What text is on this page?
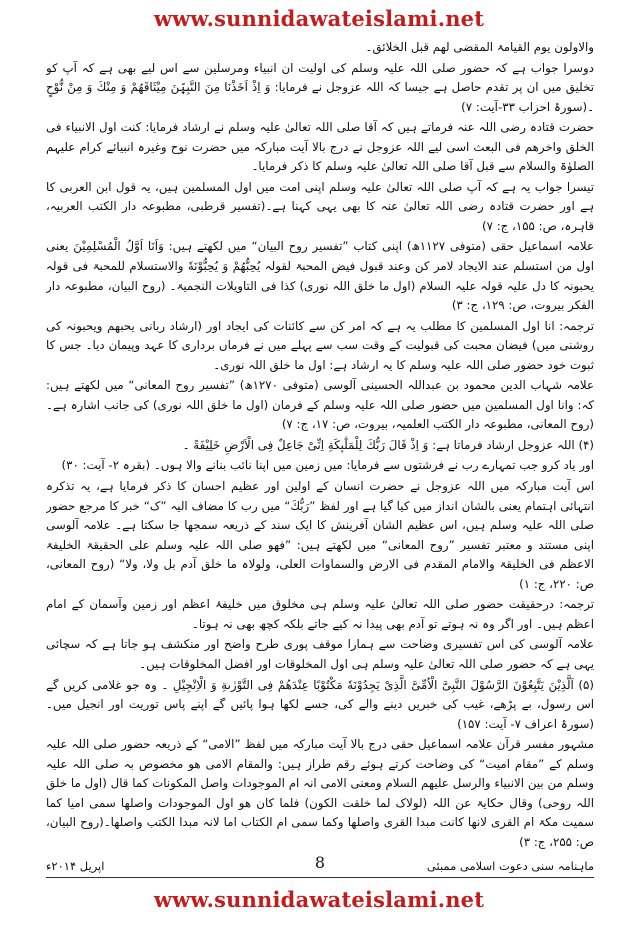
www.sunnidawateislami.net

والاولون یوم القیامۃ المقضی لھم قبل الخلائق۔

دوسرا جواب ہے کہ حضور صلی اللہ علیہ وسلم کی اولیت ان انبیاء ومرسلین سے اس لیے بھی ہے کہ آپ کو تخلیق میں ان پر تقدم حاصل ہے جیسا کہ اللہ عزوجل نے فرمایا: وَ اِذْ اَخَذْنَا مِنَ النَّبِیّٖنَ مِیْثَاقَهُمْ وَ مِنْكَ وَ مِنْ نُّوْحٍ ۔(سورۂ احزاب ۳۳-آیت: ۷)

حضرت قتادہ رضی اللہ عنہ فرماتے ہیں کہ آقا صلی اللہ تعالیٰ علیہ وسلم نے ارشاد فرمایا: کنت اول الانبیاء فی الخلق واخرھم فی البعث اسی لیے اللہ عزوجل نے درج بالا آیت مبارکہ میں حضرت نوح وغیرہ انبیائے کرام علیہم الصلوٰۃ والسلام سے قبل آقا صلی اللہ تعالیٰ علیہ وسلم کا ذکر فرمایا۔

تیسرا جواب یہ ہے کہ آپ صلی اللہ تعالیٰ علیہ وسلم اپنی امت میں اول المسلمین ہیں، یہ قول ابن العربی کا ہے اور حضرت قتادہ رضی اللہ تعالیٰ عنہ کا بھی یہی کہنا ہے۔(تفسیر قرطبی، مطبوعہ دار الکتب العربیہ، قاہرہ، ص: ۱۵۵، ج: ۷)

علامہ اسماعیل حقی (متوفی ۱۱۲۷ھ) اپنی کتاب ”تفسیر روح البیان“ میں لکھتے ہیں: وَاَنَا اَوَّلُ الْمُسْلِمِیْنَ یعنی اول من استسلم عند الایجاد لامر کن وعند قبول فیض المحبۃ لقولہ یُحِبُّهُمْ وَ یُحِبُّوْنَهٗ والاستسلام للمحبۃ فی قولہ یحبونہ کا دل علیہ قولہ علیہ السلام (اول ما خلق اللہ نوری) کذا فی التاویلات النجمیۃ۔ (روح البیان، مطبوعہ دار الفکر بیروت، ص: ۱۲۹، ج: ۳)

ترجمہ: انا اول المسلمین کا مطلب یہ ہے کہ امر کن سے کائنات کی ایجاد اور (ارشاد ربانی یحبھم ویحبونہ کی روشنی میں) فیضان محبت کی قبولیت کے وقت سب سے پہلے میں نے فرماں برداری کا عہد وپیمان دیا۔ جس کا ثبوت خود حضور صلی اللہ علیہ وسلم کا یہ ارشاد ہے: اول ما خلق اللہ نوری۔

علامہ شہاب الدین محمود بن عبداللہ الحسینی آلوسی (متوفی ۱۲۷۰ھ) ”تفسیر روح المعانی“ میں لکھتے ہیں: کہ: وانا اول المسلمین میں حضور صلی اللہ علیہ وسلم کے فرمان (اول ما خلق اللہ نوری) کی جانب اشارہ ہے۔(روح المعانی، مطبوعہ دار الکتب العلمیہ، بیروت، ص: ۱۷، ج: ۷)

(۴) اللہ عزوجل ارشاد فرماتا ہے: وَ اِذْ قَالَ رَبُّكَ لِلْمَلٰٓىٕكَةِ اِنِّیْ جَاعِلٌ فِی الْاَرْضِ خَلِیْفَةً ۔

اور یاد کرو جب تمہارے رب نے فرشتوں سے فرمایا: میں زمین میں اپنا نائب بنانے والا ہوں۔ (بقرہ ۲- آیت: ۳۰)

اس آیت مبارکہ میں اللہ عزوجل نے حضرت انسان کے اولین اور عظیم احسان کا ذکر فرمایا ہے، یہ تذکرہ انتہائی اہتمام یعنی بالشان انداز میں کیا گیا ہے اور لفظ ”رَبُّكَ“ میں رب کا مضاف الیہ ”ک“ خبر کا مرجع حضور صلی اللہ علیہ وسلم ہیں، اس عظیم الشان آفرینش کا ایک سند کے ذریعہ سمجھا جا سکتا ہے۔ علامہ آلوسی اپنی مستند و معتبر تفسیر ”روح المعانی“ میں لکھتے ہیں: ”فھو صلی اللہ علیہ وسلم علی الحقیقۃ الخلیفۃ الاعظم فی الخلیقۃ والامام المقدم فی الارض والسماوات العلی، ولولاہ ما خلق آدم بل ولا، ولا“ (روح المعانی، ص: ۲۲۰، ج: ۱)

ترجمہ: درحقیقت حضور صلی اللہ تعالیٰ علیہ وسلم ہی مخلوق میں خلیفۂ اعظم اور زمین وآسمان کے امام اعظم ہیں۔ اور اگر وہ نہ ہوتے تو آدم بھی پیدا نہ کیے جاتے بلکہ کچھ بھی نہ ہوتا۔

علامہ آلوسی کی اس تفسیری وضاحت سے ہمارا موقف پوری طرح واضح اور منکشف ہو جاتا ہے کہ سچائی یہی ہے کہ حضور صلی اللہ تعالیٰ علیہ وسلم ہی اول المخلوقات اور افضل المخلوقات ہیں۔

(۵) اَلَّذِیْنَ یَتَّبِعُوْنَ الرَّسُوْلَ النَّبِیَّ الْاُمِّیَّ الَّذِیْ یَجِدُوْنَهٗ مَكْتُوْبًا عِنْدَهُمْ فِی التَّوْرٰىةِ وَ الْاِنْجِیْلِ ۔ وہ جو غلامی کریں گے اس رسول، بے پڑھے، غیب کی خبریں دینے والے کی، جسے لکھا ہوا پائیں گے اپنے پاس توریت اور انجیل میں۔(سورۂ اعراف ۷- آیت: ۱۵۷)

مشہور مفسر قرآن علامہ اسماعیل حقی درج بالا آیت مبارکہ میں لفظ ”الامی“ کے ذریعہ حضور صلی اللہ علیہ وسلم کے ”مقام امیت“ کی وضاحت کرتے ہوئے رقم طراز ہیں: والمقام الامی ھو مخصوص بہ صلی اللہ علیہ وسلم من بین الانبیاء والرسل علیھم السلام ومعنی الامی انہ ام الموجودات واصل المکونات کما قال (اول ما خلق اللہ روحی) وقال حکایۃ عن اللہ (لولاک لما خلقت الکون) فلما کان ھو اول الموجودات واصلھا سمی امیا کما سمیت مکۃ ام القری لانھا کانت مبدا القری واصلھا وکما سمی ام الکتاب اما لانہ مبدا الکتب واصلھا۔(روح البیان، ص: ۲۵۵، ج: ۳)

ماہنامہ سنی دعوت اسلامی ممبئی
8
اپریل ۲۰۱۴ء
www.sunnidawateislami.net
